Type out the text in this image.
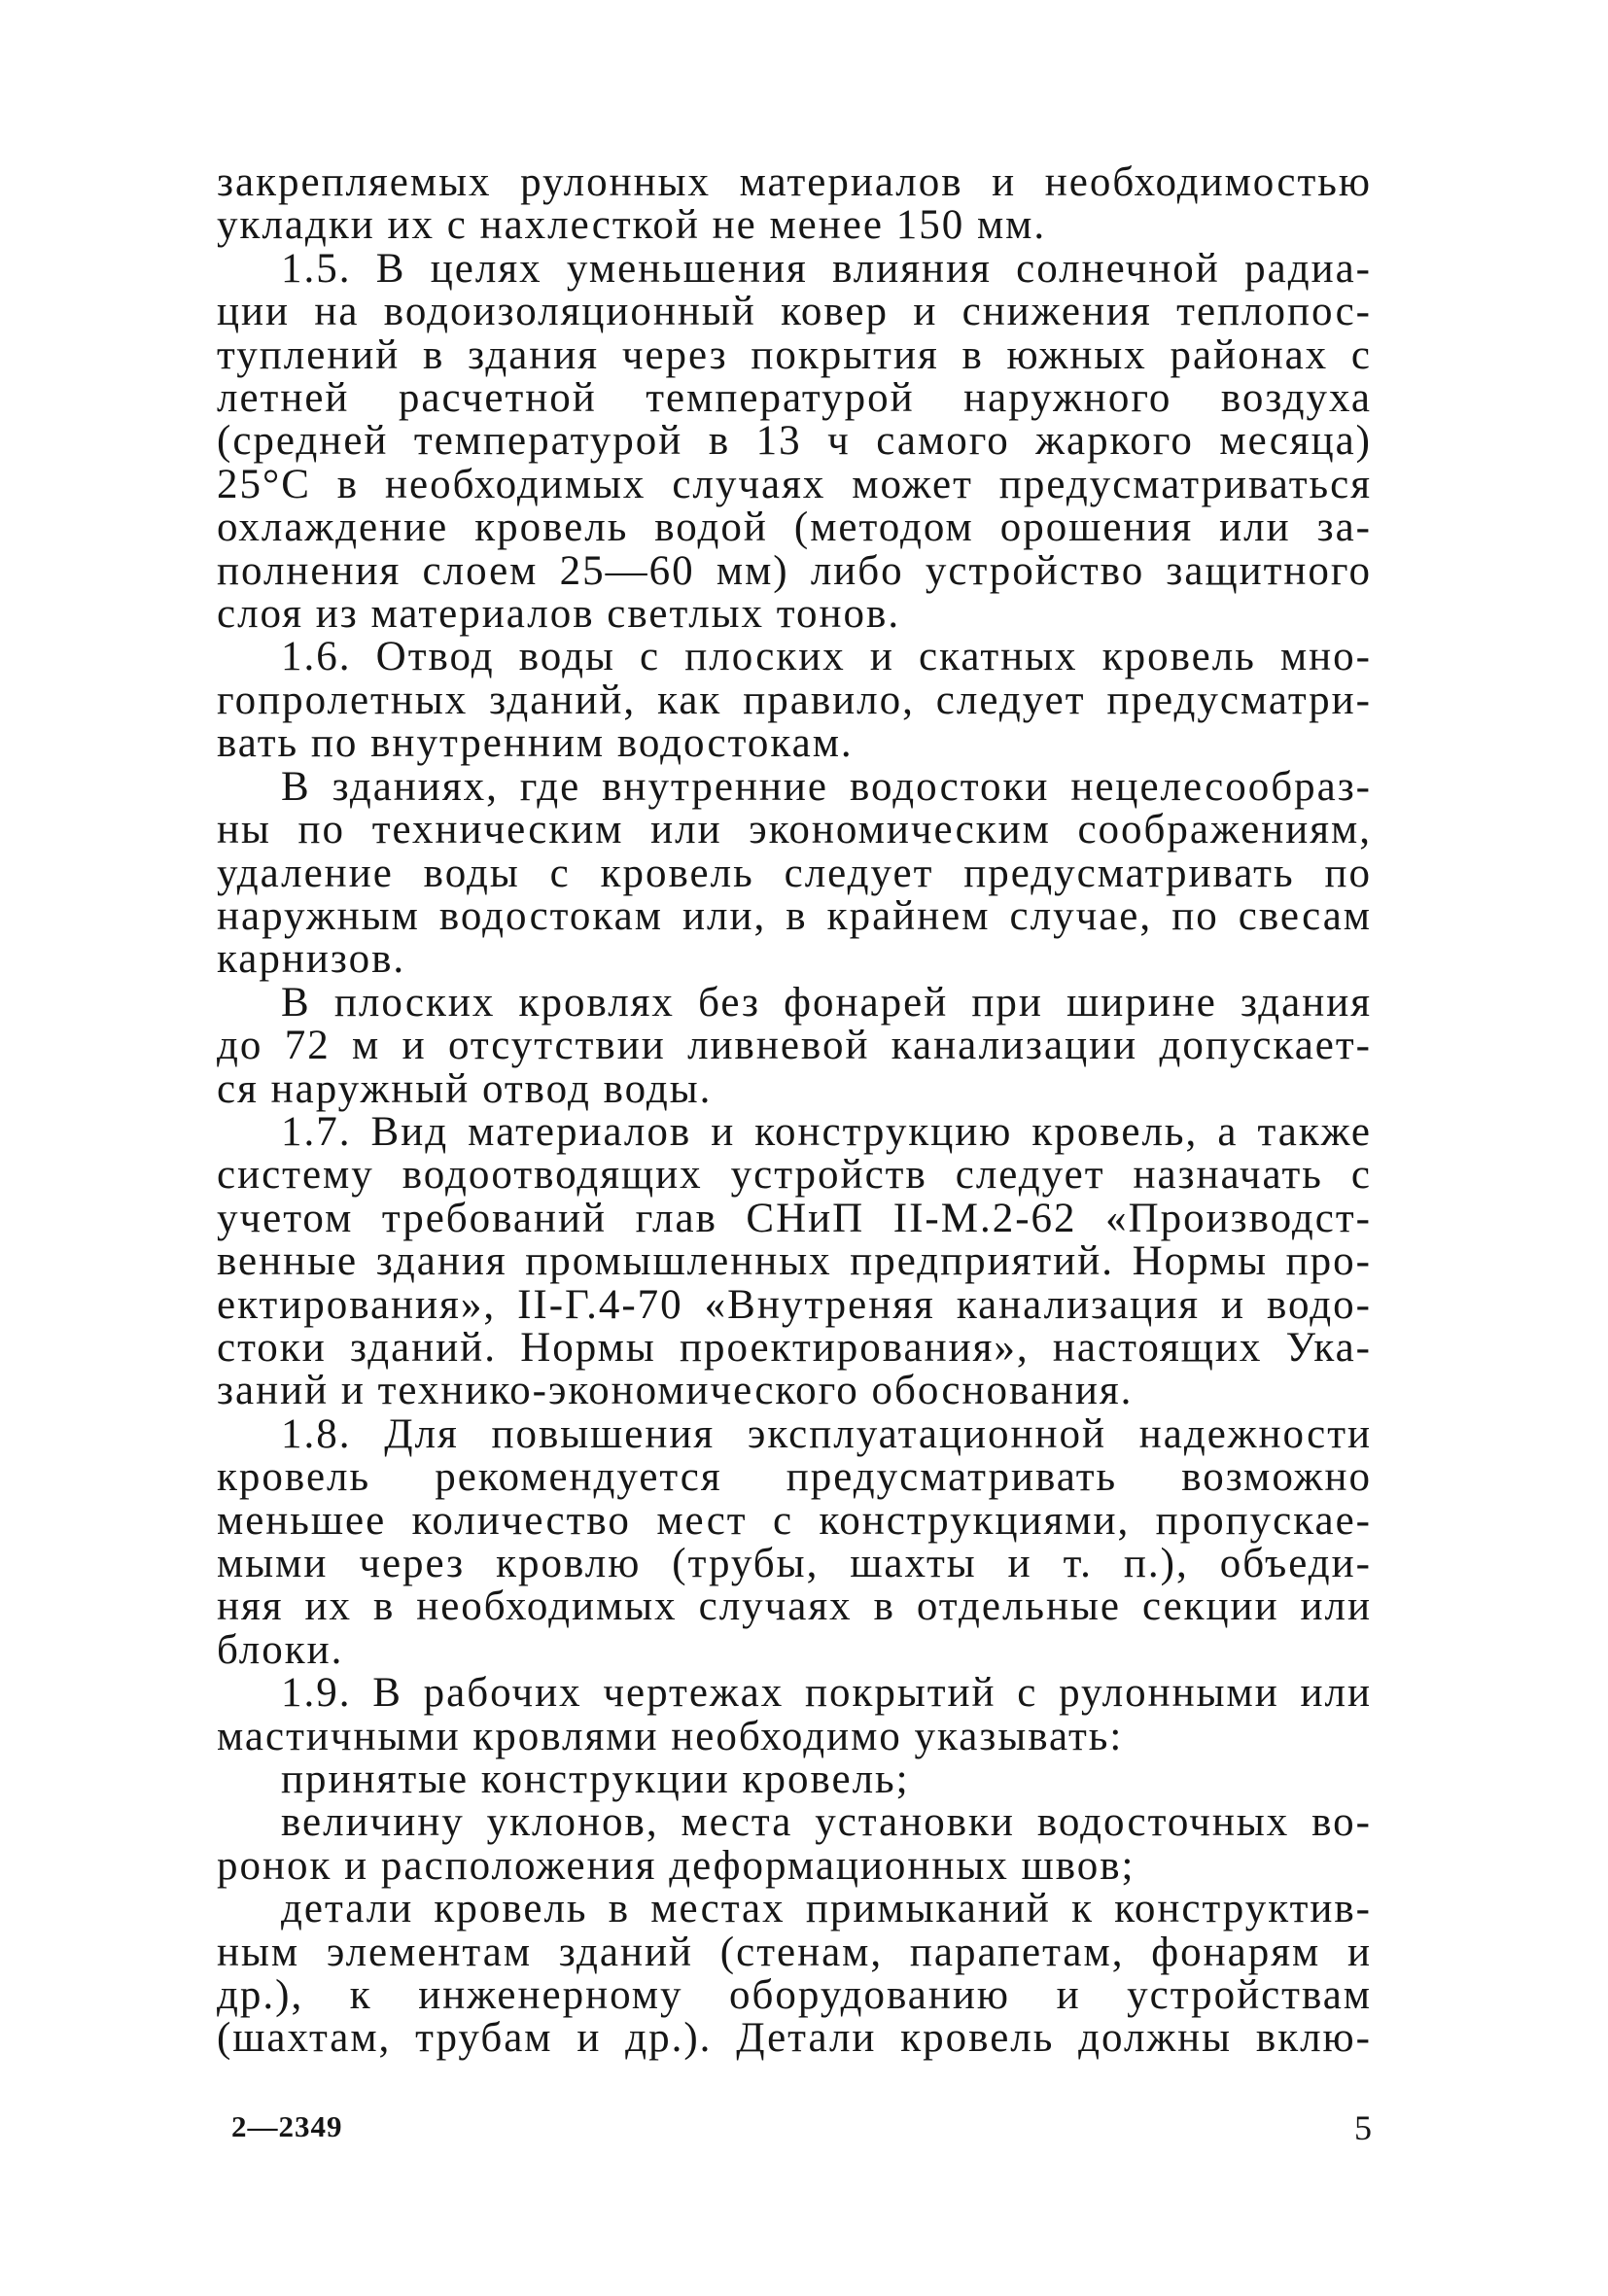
закрепляемых рулонных материалов и необходимостью
укладки их с нахлесткой не менее 150 мм.
1.5. В целях уменьшения влияния солнечной радиа-
ции на водоизоляционный ковер и снижения теплопос-
туплений в здания через покрытия в южных районах с
летней расчетной температурой наружного воздуха
(средней температурой в 13 ч самого жаркого месяца)
25°С в необходимых случаях может предусматриваться
охлаждение кровель водой (методом орошения или за-
полнения слоем 25—60 мм) либо устройство защитного
слоя из материалов светлых тонов.
1.6. Отвод воды с плоских и скатных кровель мно-
гопролетных зданий, как правило, следует предусматри-
вать по внутренним водостокам.
В зданиях, где внутренние водостоки нецелесообраз-
ны по техническим или экономическим соображениям,
удаление воды с кровель следует предусматривать по
наружным водостокам или, в крайнем случае, по свесам
карнизов.
В плоских кровлях без фонарей при ширине здания
до 72 м и отсутствии ливневой канализации допускает-
ся наружный отвод воды.
1.7. Вид материалов и конструкцию кровель, а также
систему водоотводящих устройств следует назначать с
учетом требований глав СНиП II-М.2-62 «Производст-
венные здания промышленных предприятий. Нормы про-
ектирования», II-Г.4-70 «Внутреняя канализация и водо-
стоки зданий. Нормы проектирования», настоящих Ука-
заний и технико-экономического обоснования.
1.8. Для повышения эксплуатационной надежности
кровель рекомендуется предусматривать возможно
меньшее количество мест с конструкциями, пропускае-
мыми через кровлю (трубы, шахты и т. п.), объеди-
няя их в необходимых случаях в отдельные секции или
блоки.
1.9. В рабочих чертежах покрытий с рулонными или
мастичными кровлями необходимо указывать:
принятые конструкции кровель;
величину уклонов, места установки водосточных во-
ронок и расположения деформационных швов;
детали кровель в местах примыканий к конструктив-
ным элементам зданий (стенам, парапетам, фонарям и
др.), к инженерному оборудованию и устройствам
(шахтам, трубам и др.). Детали кровель должны вклю-
2—2349	5
